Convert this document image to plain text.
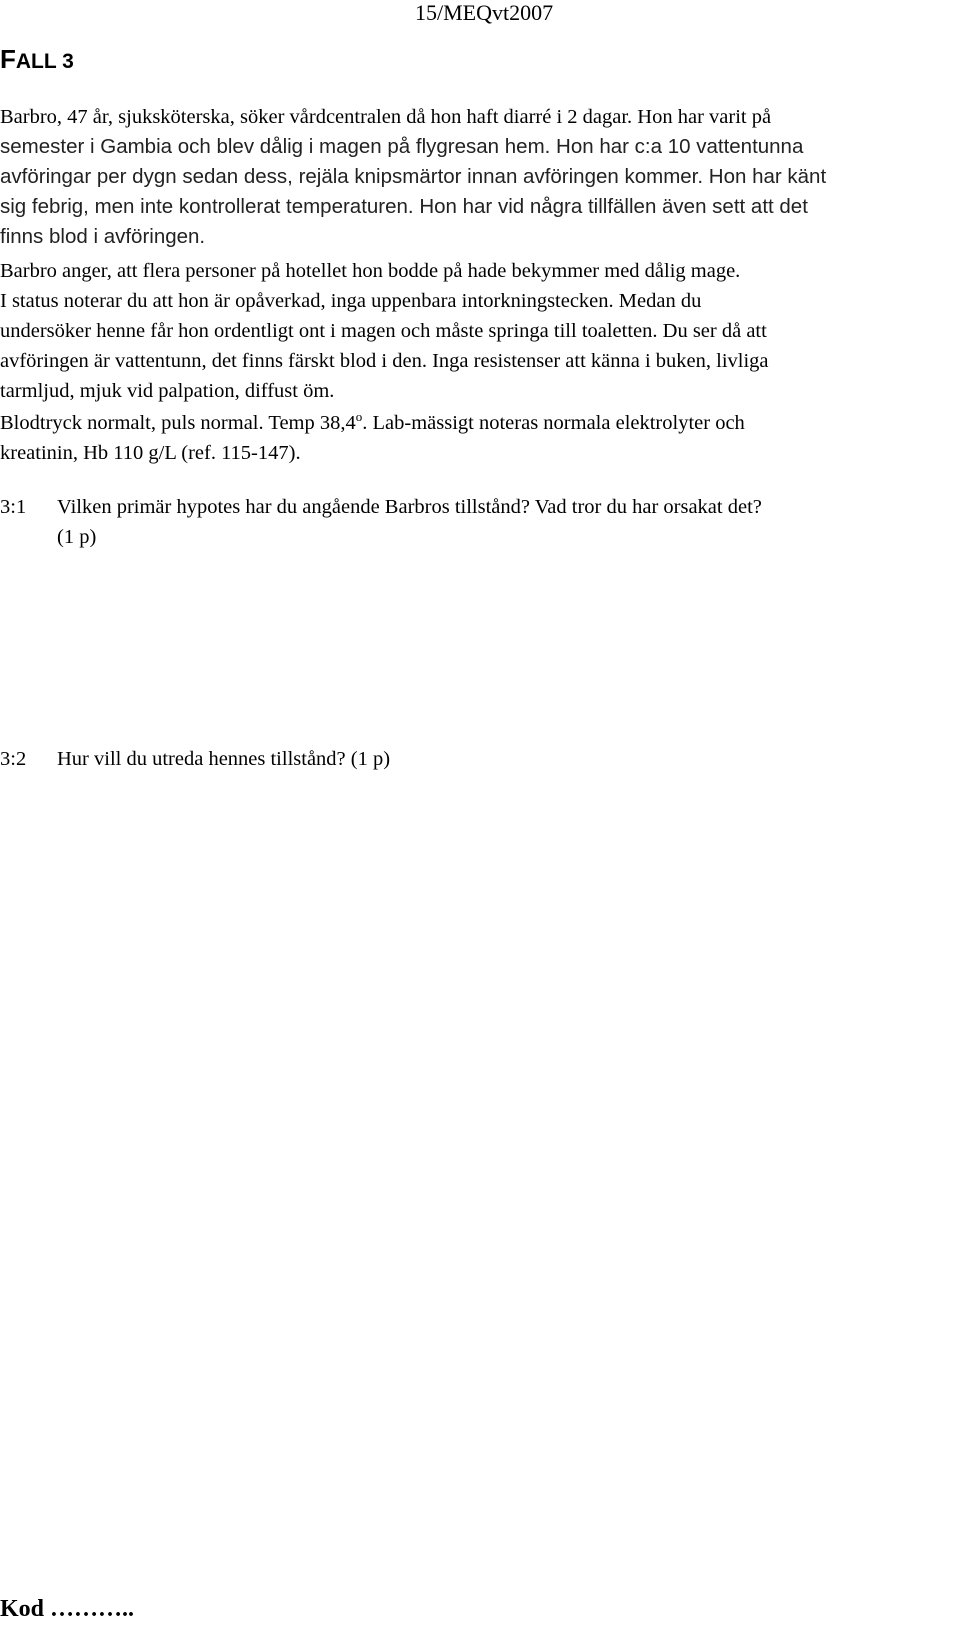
15/MEQvt2007
FALL 3
Barbro, 47 år, sjuksköterska, söker vårdcentralen då hon haft diarré i 2 dagar. Hon har varit på
semester i Gambia och blev dålig i magen på flygresan hem. Hon har c:a 10 vattentunna
avföringar per dygn sedan dess, rejäla knipsmärtor innan avföringen kommer. Hon har känt
sig febrig, men inte kontrollerat temperaturen. Hon har vid några tillfällen även sett att det
finns blod i avföringen.
Barbro anger, att flera personer på hotellet hon bodde på hade bekymmer med dålig mage.
I status noterar du att hon är opåverkad, inga uppenbara intorkningstecken. Medan du
undersöker henne får hon ordentligt ont i magen och måste springa till toaletten. Du ser då att
avföringen är vattentunn, det finns färskt blod i den. Inga resistenser att känna i buken, livliga
tarmljud, mjuk vid palpation, diffust öm.
Blodtryck normalt, puls normal. Temp 38,4$^o$. Lab-mässigt noteras normala elektrolyter och
kreatinin, Hb 110 g/L (ref. 115-147).
3:1 Vilken primär hypotes har du angående Barbros tillstånd? Vad tror du har orsakat det?
(1 p)
3:2 Hur vill du utreda hennes tillstånd? (1 p)
Kod ………..
